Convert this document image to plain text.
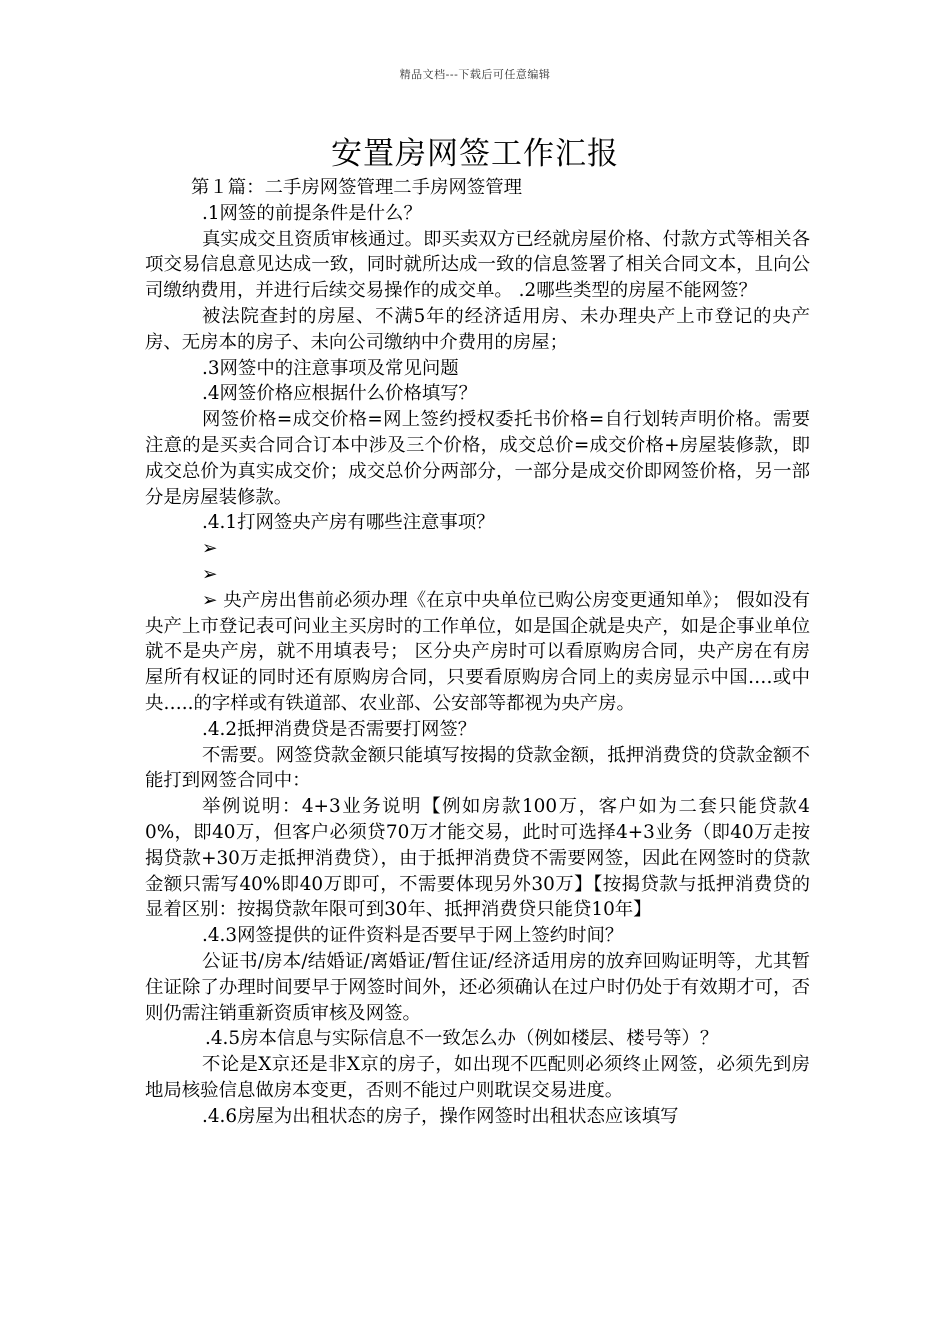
精品文档---下载后可任意编辑
安置房网签工作汇报

第１篇：二手房网签管理二手房网签管理

.1网签的前提条件是什么？

真实成交且资质审核通过。即买卖双方已经就房屋价格、付款方式等相关各项交易信息意见达成一致，同时就所达成一致的信息签署了相关合同文本，且向公司缴纳费用，并进行后续交易操作的成交单。 .2哪些类型的房屋不能网签？

被法院查封的房屋、不满5年的经济适用房、未办理央产上市登记的央产房、无房本的房子、未向公司缴纳中介费用的房屋；

.3网签中的注意事项及常见问题

.4网签价格应根据什么价格填写？

网签价格=成交价格=网上签约授权委托书价格=自行划转声明价格。需要注意的是买卖合同合订本中涉及三个价格，成交总价=成交价格+房屋装修款，即成交总价为真实成交价；成交总价分两部分，一部分是成交价即网签价格，另一部分是房屋装修款。

.4.1打网签央产房有哪些注意事项？

➢

➢

➢ 央产房出售前必须办理《在京中央单位已购公房变更通知单》； 假如没有央产上市登记表可问业主买房时的工作单位，如是国企就是央产，如是企事业单位就不是央产房，就不用填表号； 区分央产房时可以看原购房合同，央产房在有房屋所有权证的同时还有原购房合同，只要看原购房合同上的卖房显示中国….或中央…..的字样或有铁道部、农业部、公安部等都视为央产房。

.4.2抵押消费贷是否需要打网签？

不需要。网签贷款金额只能填写按揭的贷款金额，抵押消费贷的贷款金额不能打到网签合同中：

举例说明：4+3业务说明【例如房款100万，客户如为二套只能贷款40%，即40万，但客户必须贷70万才能交易，此时可选择4+3业务（即40万走按揭贷款+30万走抵押消费贷），由于抵押消费贷不需要网签，因此在网签时的贷款金额只需写40%即40万即可，不需要体现另外30万】【按揭贷款与抵押消费贷的显着区别：按揭贷款年限可到30年、抵押消费贷只能贷10年】

.4.3网签提供的证件资料是否要早于网上签约时间？

公证书/房本/结婚证/离婚证/暂住证/经济适用房的放弃回购证明等，尤其暂住证除了办理时间要早于网签时间外，还必须确认在过户时仍处于有效期才可，否则仍需注销重新资质审核及网签。

.4.5房本信息与实际信息不一致怎么办（例如楼层、楼号等）？

不论是X京还是非X京的房子，如出现不匹配则必须终止网签，必须先到房地局核验信息做房本变更，否则不能过户则耽误交易进度。

.4.6房屋为出租状态的房子，操作网签时出租状态应该填写
